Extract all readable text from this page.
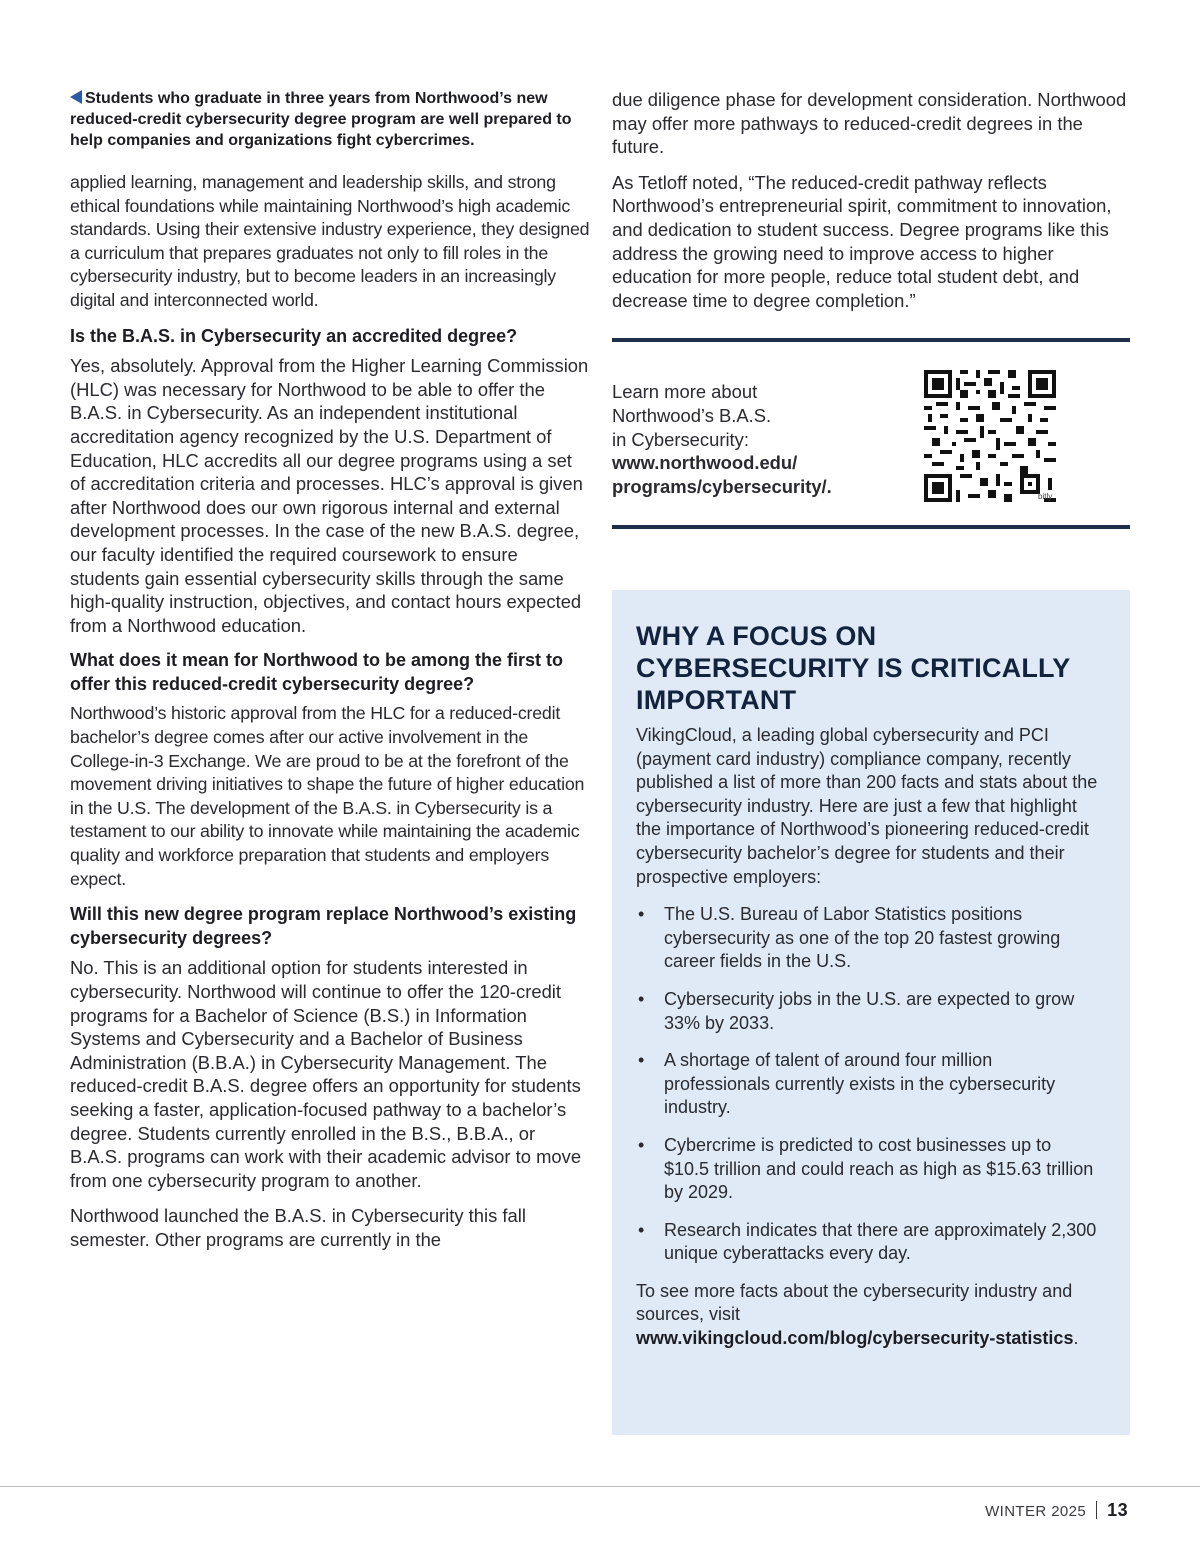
Students who graduate in three years from Northwood’s new reduced-credit cybersecurity degree program are well prepared to help companies and organizations fight cybercrimes.

applied learning, management and leadership skills, and strong ethical foundations while maintaining Northwood’s high academic standards. Using their extensive industry experience, they designed a curriculum that prepares graduates not only to fill roles in the cybersecurity industry, but to become leaders in an increasingly digital and interconnected world.

Is the B.A.S. in Cybersecurity an accredited degree?

Yes, absolutely. Approval from the Higher Learning Commission (HLC) was necessary for Northwood to be able to offer the B.A.S. in Cybersecurity. As an independent institutional accreditation agency recognized by the U.S. Department of Education, HLC accredits all our degree programs using a set of accreditation criteria and processes. HLC’s approval is given after Northwood does our own rigorous internal and external development processes. In the case of the new B.A.S. degree, our faculty identified the required coursework to ensure students gain essential cybersecurity skills through the same high-quality instruction, objectives, and contact hours expected from a Northwood education.

What does it mean for Northwood to be among the first to offer this reduced-credit cybersecurity degree?

Northwood’s historic approval from the HLC for a reduced-credit bachelor’s degree comes after our active involvement in the College-in-3 Exchange. We are proud to be at the forefront of the movement driving initiatives to shape the future of higher education in the U.S. The development of the B.A.S. in Cybersecurity is a testament to our ability to innovate while maintaining the academic quality and workforce preparation that students and employers expect.

Will this new degree program replace Northwood’s existing cybersecurity degrees?

No. This is an additional option for students interested in cybersecurity. Northwood will continue to offer the 120-credit programs for a Bachelor of Science (B.S.) in Information Systems and Cybersecurity and a Bachelor of Business Administration (B.B.A.) in Cybersecurity Management. The reduced-credit B.A.S. degree offers an opportunity for students seeking a faster, application-focused pathway to a bachelor’s degree. Students currently enrolled in the B.S., B.B.A., or B.A.S. programs can work with their academic advisor to move from one cybersecurity program to another.

Northwood launched the B.A.S. in Cybersecurity this fall semester. Other programs are currently in the

due diligence phase for development consideration. Northwood may offer more pathways to reduced-credit degrees in the future.

As Tetloff noted, “The reduced-credit pathway reflects Northwood’s entrepreneurial spirit, commitment to innovation, and dedication to student success. Degree programs like this address the growing need to improve access to higher education for more people, reduce total student debt, and decrease time to degree completion.”

Learn more about
Northwood’s B.A.S.
in Cybersecurity:
www.northwood.edu/
programs/cybersecurity/.
bitly
WHY A FOCUS ON CYBERSECURITY IS CRITICALLY IMPORTANT

VikingCloud, a leading global cybersecurity and PCI (payment card industry) compliance company, recently published a list of more than 200 facts and stats about the cybersecurity industry. Here are just a few that highlight the importance of Northwood’s pioneering reduced-credit cybersecurity bachelor’s degree for students and their prospective employers:

• The U.S. Bureau of Labor Statistics positions cybersecurity as one of the top 20 fastest growing career fields in the U.S.
• Cybersecurity jobs in the U.S. are expected to grow 33% by 2033.
• A shortage of talent of around four million professionals currently exists in the cybersecurity industry.
• Cybercrime is predicted to cost businesses up to $10.5 trillion and could reach as high as $15.63 trillion by 2029.
• Research indicates that there are approximately 2,300 unique cyberattacks every day.

To see more facts about the cybersecurity industry and sources, visit www.vikingcloud.com/blog/cybersecurity-statistics.

WINTER 2025 13
